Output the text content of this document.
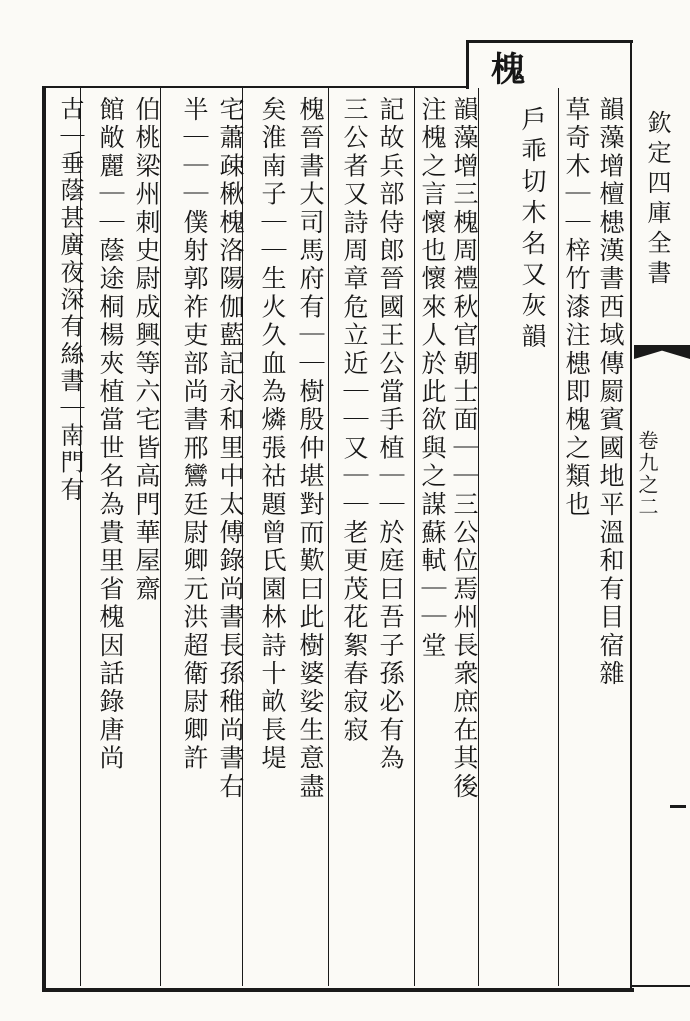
槐
欽定四庫全書
卷九之二
韻藻增檀槵漢書西域傳罽賓國地平溫和有目宿雜
草奇木｜｜梓竹漆注槵即槐之類也
戶乖切木名又灰韻
韻藻增三槐周禮秋官朝士面｜｜三公位焉州長衆庶在其後
注槐之言懷也懷來人於此欲與之謀蘇軾｜｜堂
記故兵部侍郎晉國王公當手植｜｜於庭曰吾子孫必有為
三公者又詩周章危立近｜｜又｜｜老更茂花絮春寂寂
槐晉書大司馬府有｜｜樹殷仲堪對而歎曰此樹婆娑生意盡
矣淮南子｜｜生火久血為燐張祜題曾氏園林詩十畝長堤
宅蕭疎楸槐洛陽伽藍記永和里中太傅錄尚書長孫稚尚書右
半｜｜｜僕射郭祚吏部尚書邢鸞廷尉卿元洪超衛尉卿許
伯桃梁州刺史尉成興等六宅皆高門華屋齋
館敞麗｜｜蔭途桐楊夾植當世名為貴里省槐因話錄唐尚
古｜垂蔭甚廣夜深有絲書｜南門有
